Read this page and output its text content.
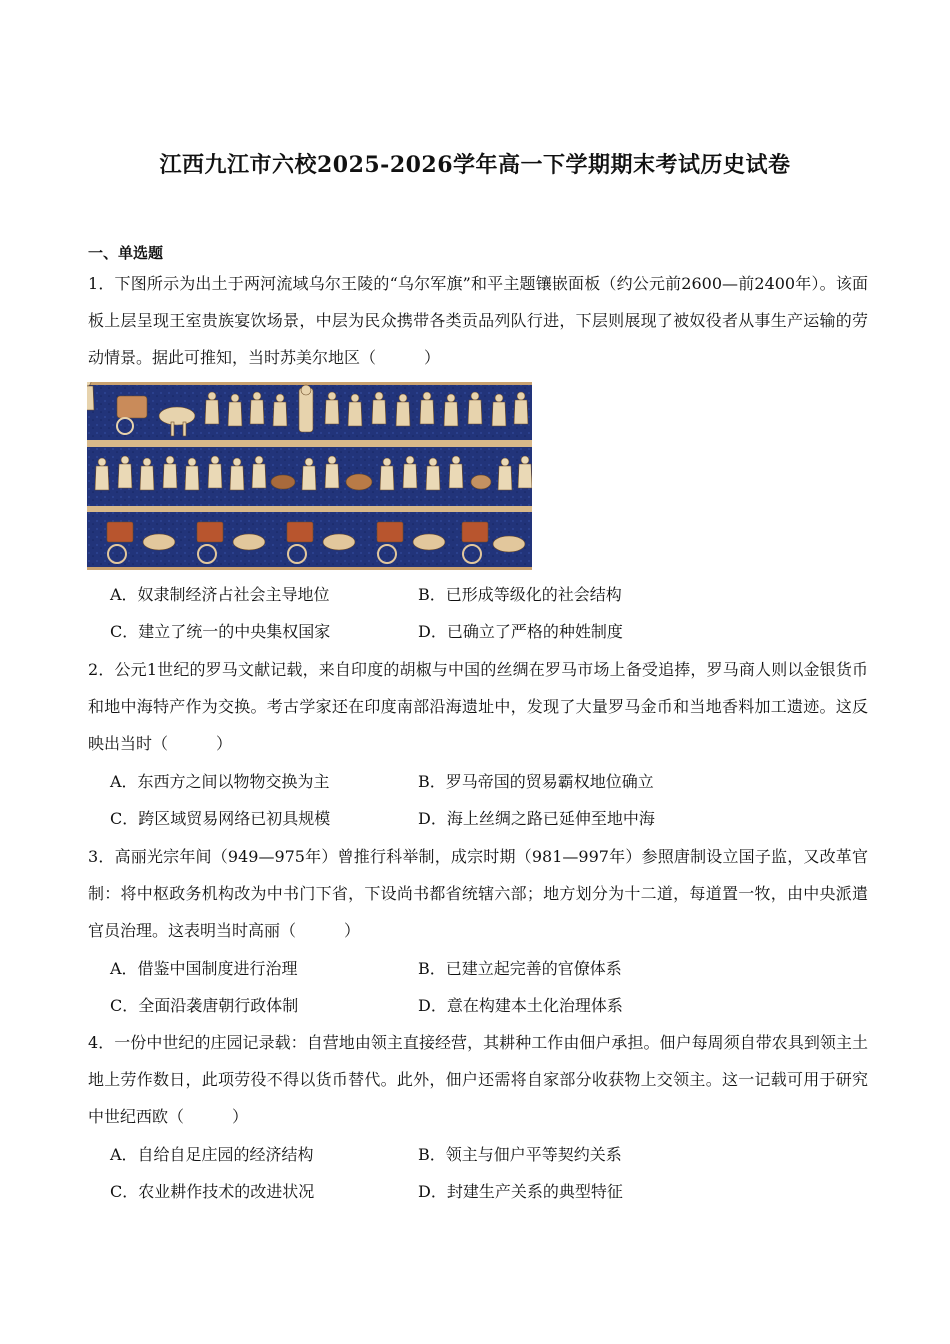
江西九江市六校2025-2026学年高一下学期期末考试历史试卷
一、单选题
1．下图所示为出土于两河流域乌尔王陵的“乌尔军旗”和平主题镶嵌面板（约公元前2600—前2400年）。该面板上层呈现王室贵族宴饮场景，中层为民众携带各类贡品列队行进，下层则展现了被奴役者从事生产运输的劳动情景。据此可推知，当时苏美尔地区（　　　）
A．奴隶制经济占社会主导地位	B．已形成等级化的社会结构
C．建立了统一的中央集权国家	D．已确立了严格的种姓制度
2．公元1世纪的罗马文献记载，来自印度的胡椒与中国的丝绸在罗马市场上备受追捧，罗马商人则以金银货币和地中海特产作为交换。考古学家还在印度南部沿海遗址中，发现了大量罗马金币和当地香料加工遗迹。这反映出当时（　　　）
A．东西方之间以物物交换为主	B．罗马帝国的贸易霸权地位确立
C．跨区域贸易网络已初具规模	D．海上丝绸之路已延伸至地中海
3．高丽光宗年间（949—975年）曾推行科举制，成宗时期（981—997年）参照唐制设立国子监，又改革官制：将中枢政务机构改为中书门下省，下设尚书都省统辖六部；地方划分为十二道，每道置一牧，由中央派遣官员治理。这表明当时高丽（　　　）
A．借鉴中国制度进行治理	B．已建立起完善的官僚体系
C．全面沿袭唐朝行政体制	D．意在构建本土化治理体系
4．一份中世纪的庄园记录载：自营地由领主直接经营，其耕种工作由佃户承担。佃户每周须自带农具到领主土地上劳作数日，此项劳役不得以货币替代。此外，佃户还需将自家部分收获物上交领主。这一记载可用于研究中世纪西欧（　　　）
A．自给自足庄园的经济结构	B．领主与佃户平等契约关系
C．农业耕作技术的改进状况	D．封建生产关系的典型特征
